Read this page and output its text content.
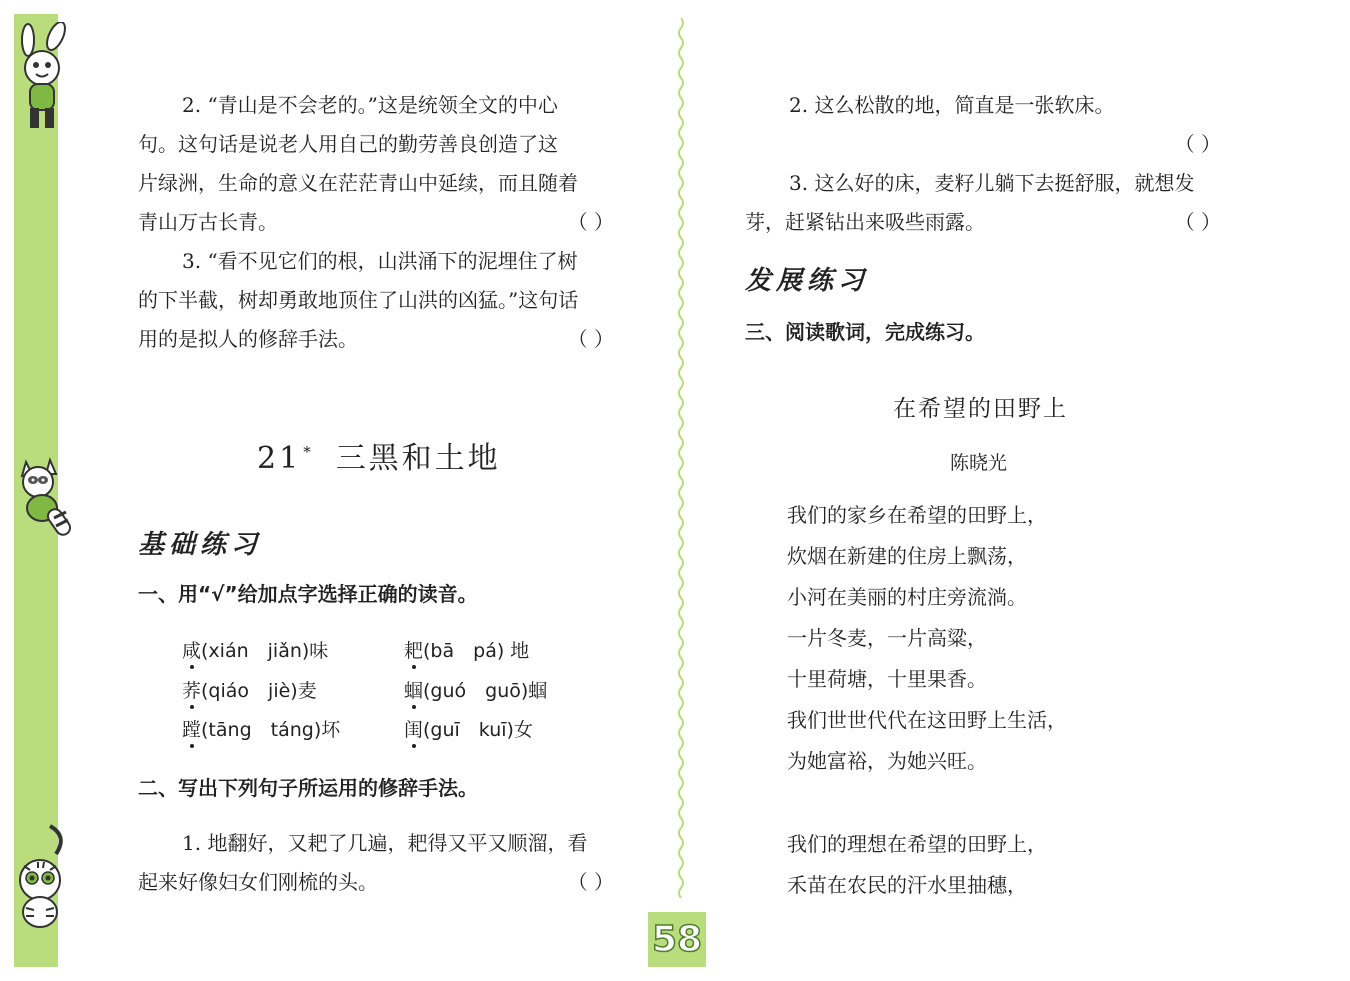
2. “青山是不会老的。”这是统领全文的中心

句。这句话是说老人用自己的勤劳善良创造了这

片绿洲，生命的意义在茫茫青山中延续，而且随着

青山万古长青。	（ ）

3. “看不见它们的根，山洪涌下的泥埋住了树

的下半截，树却勇敢地顶住了山洪的凶猛。”这句话

用的是拟人的修辞手法。	（ ）

21 * 三黑和土地
基础练习
一、用“√”给加点字选择正确的读音。
咸(xián　jiǎn)味	耙(bā　pá) 地
荞(qiáo　jiè)麦	蝈(guó　guō)蝈
蹚(tāng　táng)坏	闺(guī　kuī)女
二、写出下列句子所运用的修辞手法。

1. 地翻好，又耙了几遍，耙得又平又顺溜，看

起来好像妇女们刚梳的头。	（ ）

2. 这么松散的地，简直是一张软床。

（ ）

3. 这么好的床，麦籽儿躺下去挺舒服，就想发

芽，赶紧钻出来吸些雨露。	（ ）

发展练习
三、阅读歌词，完成练习。
在希望的田野上
陈晓光
我们的家乡在希望的田野上，
炊烟在新建的住房上飘荡，
小河在美丽的村庄旁流淌。
一片冬麦，一片高粱，
十里荷塘，十里果香。
我们世世代代在这田野上生活，
为她富裕，为她兴旺。
我们的理想在希望的田野上，
禾苗在农民的汗水里抽穗，
58
